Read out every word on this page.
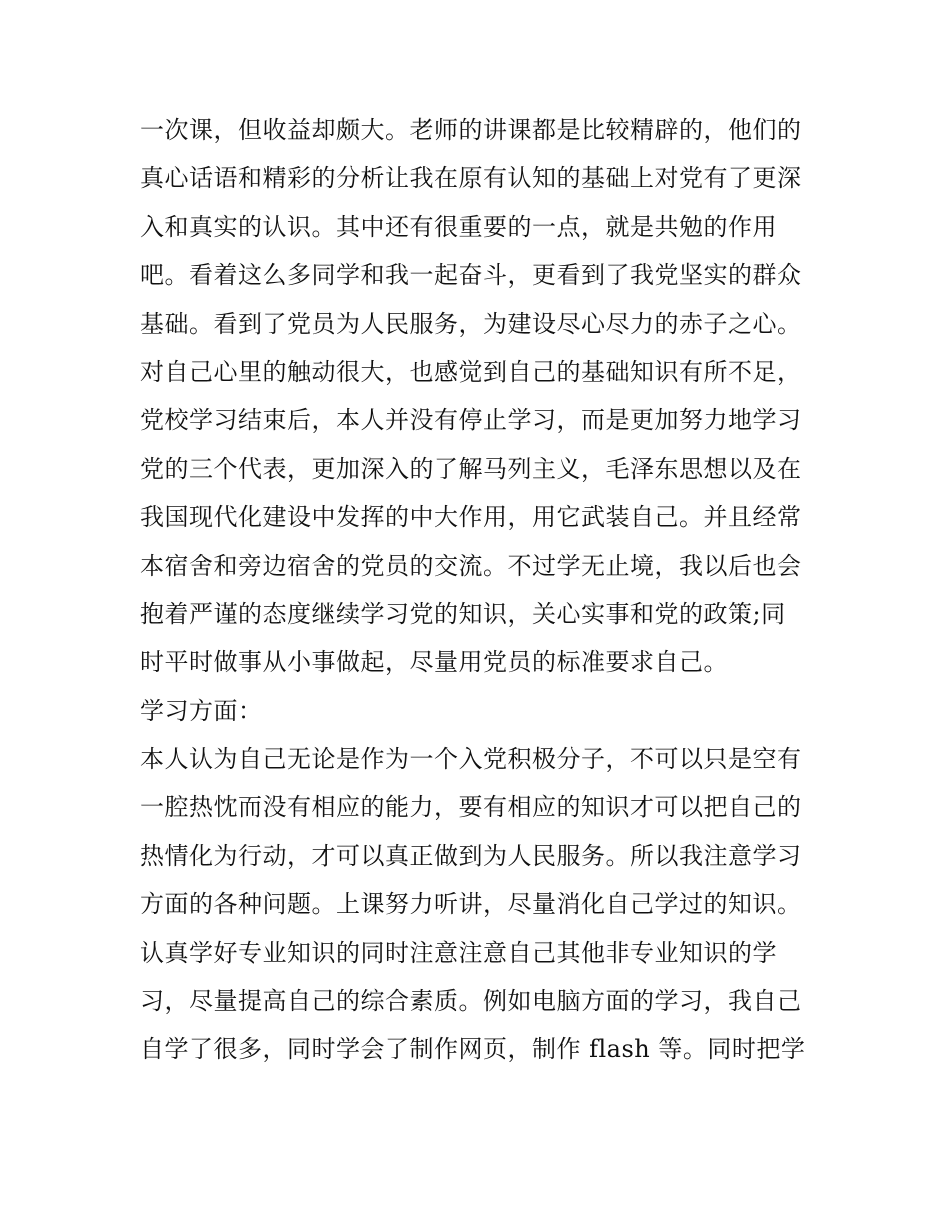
一次课，但收益却颇大。老师的讲课都是比较精辟的，他们的
真心话语和精彩的分析让我在原有认知的基础上对党有了更深
入和真实的认识。其中还有很重要的一点，就是共勉的作用
吧。看着这么多同学和我一起奋斗，更看到了我党坚实的群众
基础。看到了党员为人民服务，为建设尽心尽力的赤子之心。
对自己心里的触动很大，也感觉到自己的基础知识有所不足，
党校学习结束后，本人并没有停止学习，而是更加努力地学习
党的三个代表，更加深入的了解马列主义，毛泽东思想以及在
我国现代化建设中发挥的中大作用，用它武装自己。并且经常
本宿舍和旁边宿舍的党员的交流。不过学无止境，我以后也会
抱着严谨的态度继续学习党的知识，关心实事和党的政策;同
时平时做事从小事做起，尽量用党员的标准要求自己。
学习方面：
本人认为自己无论是作为一个入党积极分子，不可以只是空有
一腔热忱而没有相应的能力，要有相应的知识才可以把自己的
热情化为行动，才可以真正做到为人民服务。所以我注意学习
方面的各种问题。上课努力听讲，尽量消化自己学过的知识。
认真学好专业知识的同时注意注意自己其他非专业知识的学
习，尽量提高自己的综合素质。例如电脑方面的学习，我自己
自学了很多，同时学会了制作网页，制作 flash 等。同时把学
